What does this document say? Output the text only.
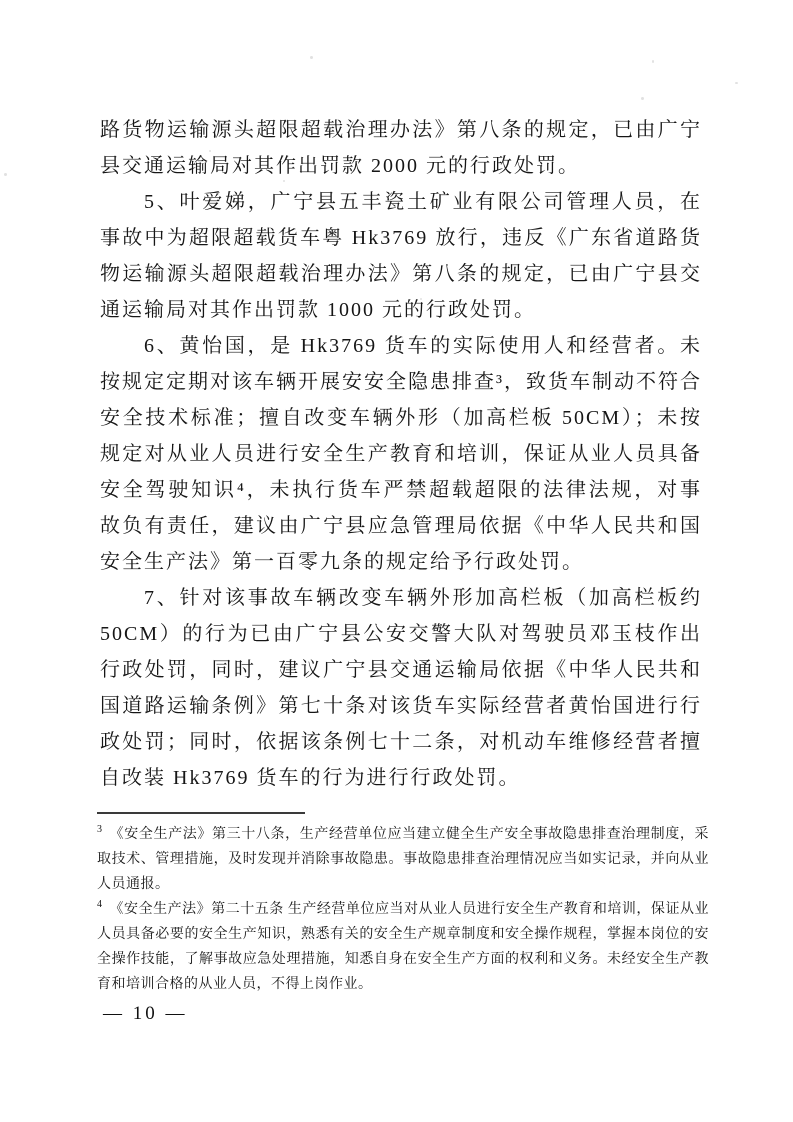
路货物运输源头超限超载治理办法》第八条的规定，已由广宁县交通运输局对其作出罚款 2000 元的行政处罚。

5、叶爱娣，广宁县五丰瓷土矿业有限公司管理人员，在事故中为超限超载货车粤 Hk3769 放行，违反《广东省道路货物运输源头超限超载治理办法》第八条的规定，已由广宁县交通运输局对其作出罚款 1000 元的行政处罚。

6、黄怡国，是 Hk3769 货车的实际使用人和经营者。未按规定定期对该车辆开展安安全隐患排查³，致货车制动不符合安全技术标准；擅自改变车辆外形（加高栏板 50CM）；未按规定对从业人员进行安全生产教育和培训，保证从业人员具备安全驾驶知识⁴，未执行货车严禁超载超限的法律法规，对事故负有责任，建议由广宁县应急管理局依据《中华人民共和国安全生产法》第一百零九条的规定给予行政处罚。

7、针对该事故车辆改变车辆外形加高栏板（加高栏板约 50CM）的行为已由广宁县公安交警大队对驾驶员邓玉枝作出行政处罚，同时，建议广宁县交通运输局依据《中华人民共和国道路运输条例》第七十条对该货车实际经营者黄怡国进行行政处罚；同时，依据该条例七十二条，对机动车维修经营者擅自改装 Hk3769 货车的行为进行行政处罚。

$^3$ 《安全生产法》第三十八条，生产经营单位应当建立健全生产安全事故隐患排查治理制度，采取技术、管理措施，及时发现并消除事故隐患。事故隐患排查治理情况应当如实记录，并向从业人员通报。

$^4$ 《安全生产法》第二十五条 生产经营单位应当对从业人员进行安全生产教育和培训，保证从业人员具备必要的安全生产知识，熟悉有关的安全生产规章制度和安全操作规程，掌握本岗位的安全操作技能，了解事故应急处理措施，知悉自身在安全生产方面的权利和义务。未经安全生产教育和培训合格的从业人员，不得上岗作业。

— 10 —
